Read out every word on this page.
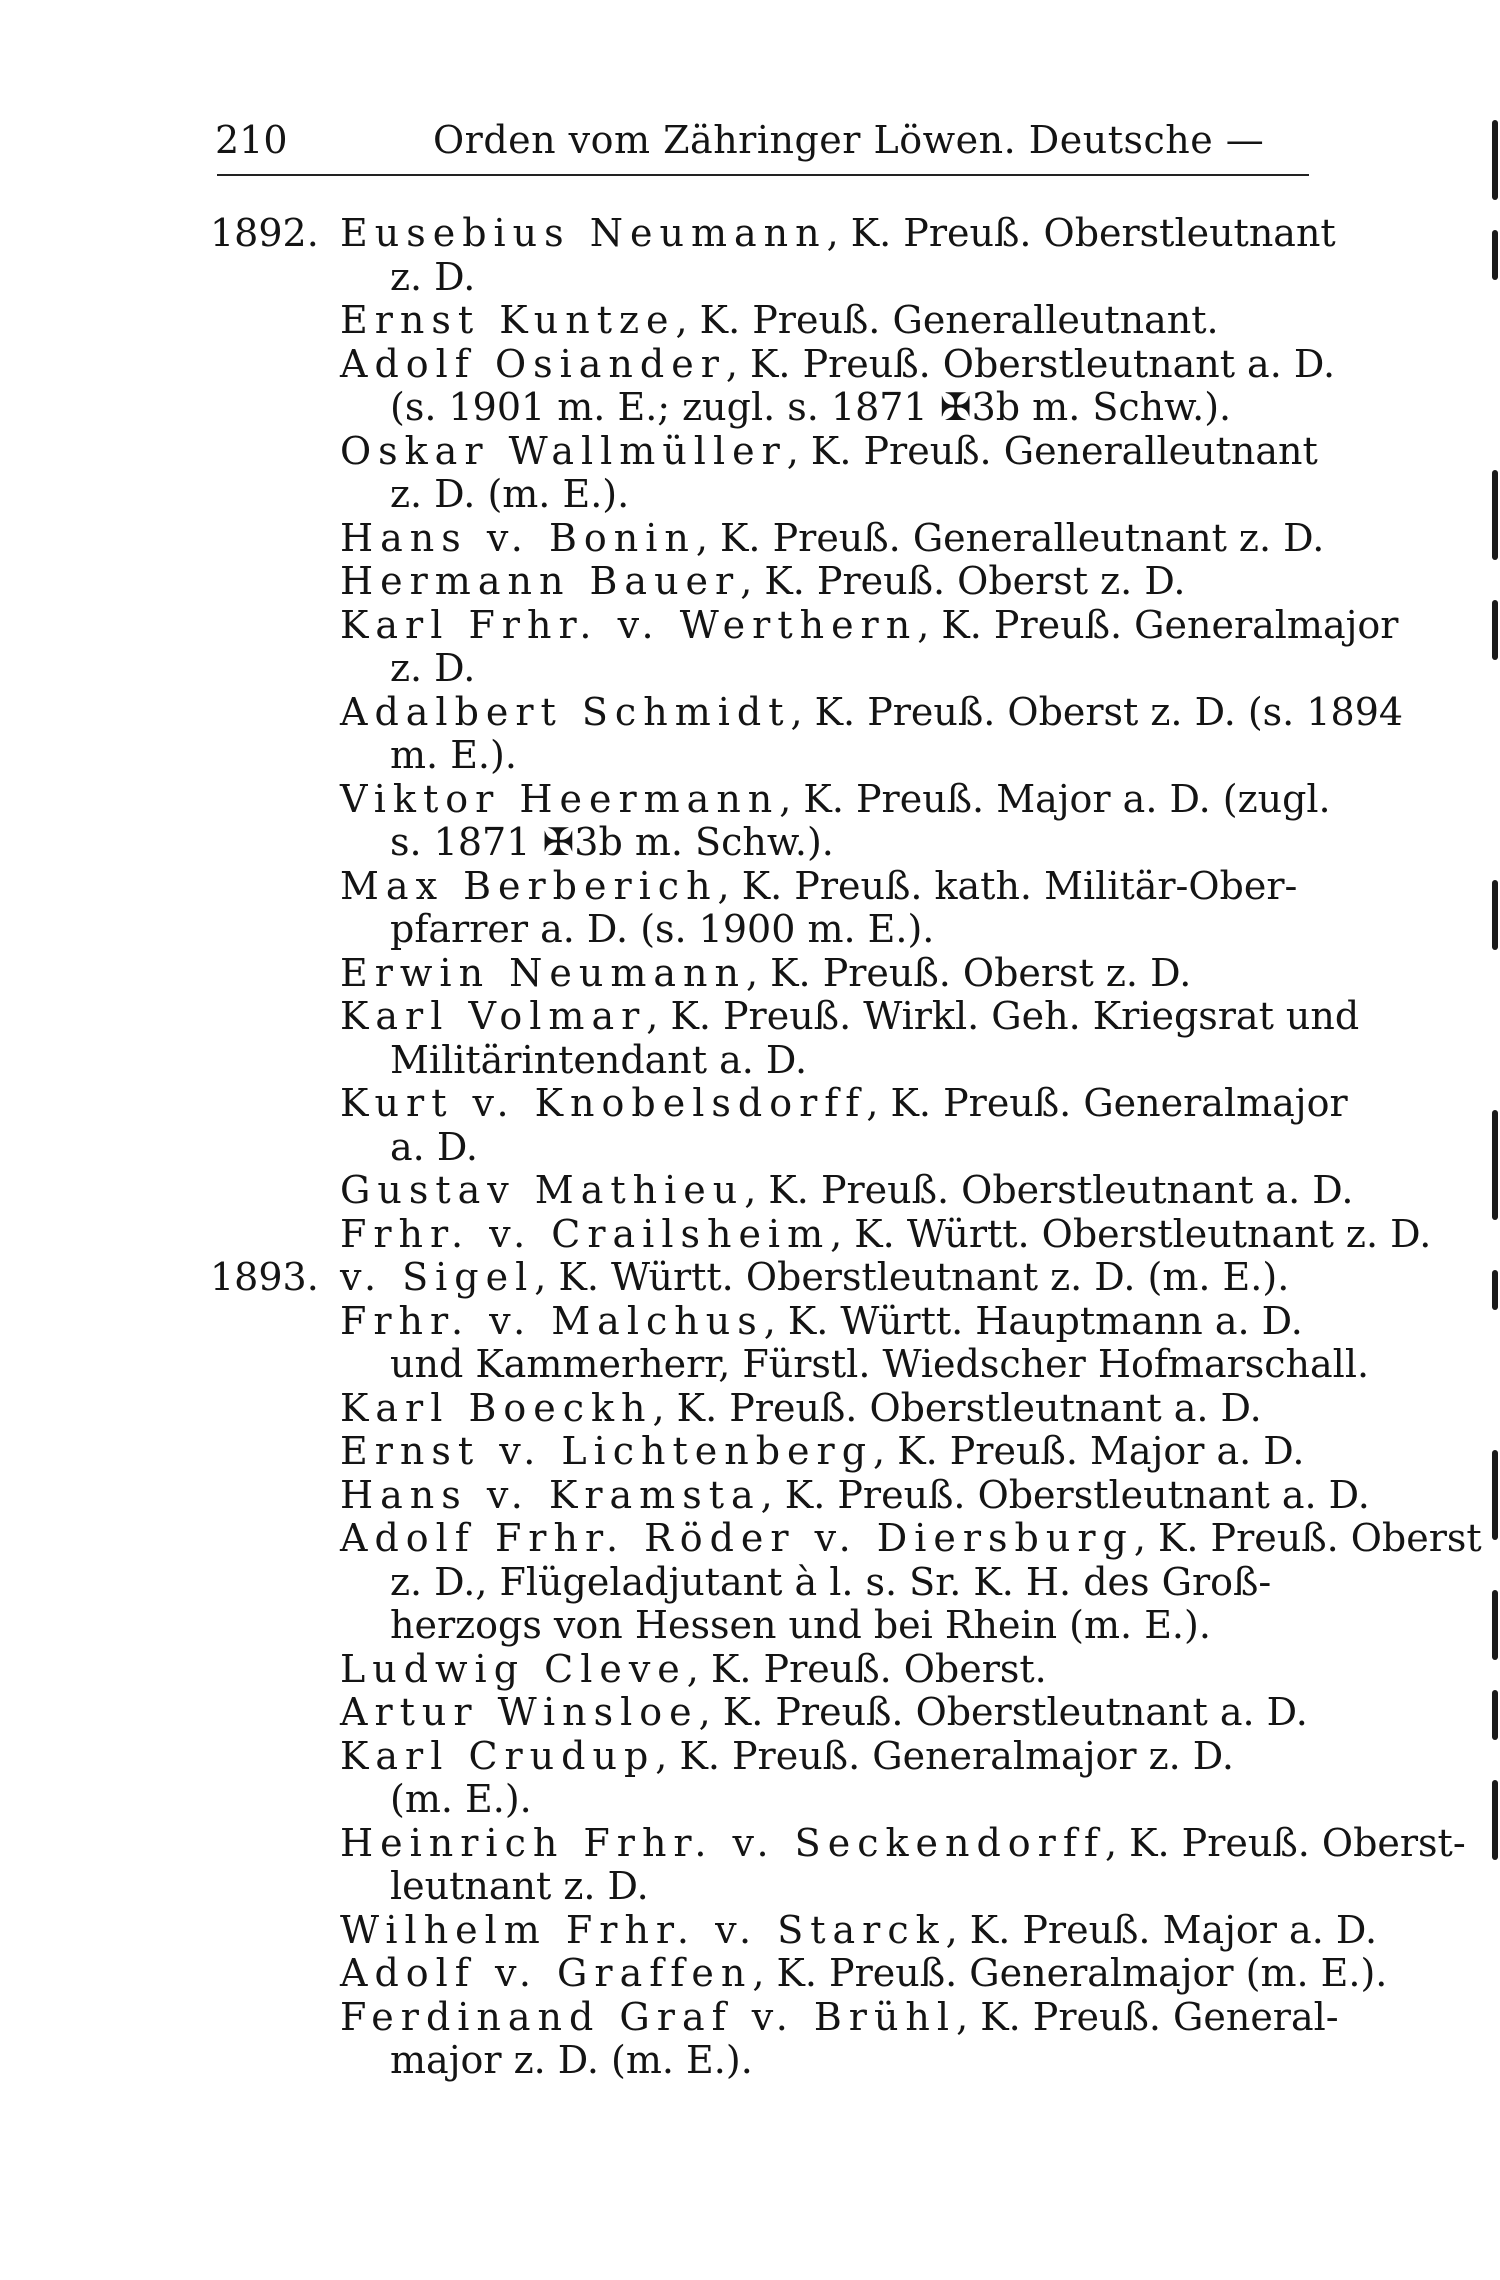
210	Orden vom Zähringer Löwen. Deutsche —
1892. Eusebius Neumann, K. Preuß. Oberstleutnant
z. D.
Ernst Kuntze, K. Preuß. Generalleutnant.
Adolf Osiander, K. Preuß. Oberstleutnant a. D.
(s. 1901 m. E.; zugl. s. 1871 ✠3b m. Schw.).
Oskar Wallmüller, K. Preuß. Generalleutnant
z. D. (m. E.).
Hans v. Bonin, K. Preuß. Generalleutnant z. D.
Hermann Bauer, K. Preuß. Oberst z. D.
Karl Frhr. v. Werthern, K. Preuß. Generalmajor
z. D.
Adalbert Schmidt, K. Preuß. Oberst z. D. (s. 1894
m. E.).
Viktor Heermann, K. Preuß. Major a. D. (zugl.
s. 1871 ✠3b m. Schw.).
Max Berberich, K. Preuß. kath. Militär-Ober-
pfarrer a. D. (s. 1900 m. E.).
Erwin Neumann, K. Preuß. Oberst z. D.
Karl Volmar, K. Preuß. Wirkl. Geh. Kriegsrat und
Militärintendant a. D.
Kurt v. Knobelsdorff, K. Preuß. Generalmajor
a. D.
Gustav Mathieu, K. Preuß. Oberstleutnant a. D.
Frhr. v. Crailsheim, K. Württ. Oberstleutnant z. D.
1893. v. Sigel, K. Württ. Oberstleutnant z. D. (m. E.).
Frhr. v. Malchus, K. Württ. Hauptmann a. D.
und Kammerherr, Fürstl. Wiedscher Hofmarschall.
Karl Boeckh, K. Preuß. Oberstleutnant a. D.
Ernst v. Lichtenberg, K. Preuß. Major a. D.
Hans v. Kramsta, K. Preuß. Oberstleutnant a. D.
Adolf Frhr. Röder v. Diersburg, K. Preuß. Oberst
z. D., Flügeladjutant à l. s. Sr. K. H. des Groß-
herzogs von Hessen und bei Rhein (m. E.).
Ludwig Cleve, K. Preuß. Oberst.
Artur Winsloe, K. Preuß. Oberstleutnant a. D.
Karl Crudup, K. Preuß. Generalmajor z. D.
(m. E.).
Heinrich Frhr. v. Seckendorff, K. Preuß. Oberst-
leutnant z. D.
Wilhelm Frhr. v. Starck, K. Preuß. Major a. D.
Adolf v. Graffen, K. Preuß. Generalmajor (m. E.).
Ferdinand Graf v. Brühl, K. Preuß. General-
major z. D. (m. E.).
